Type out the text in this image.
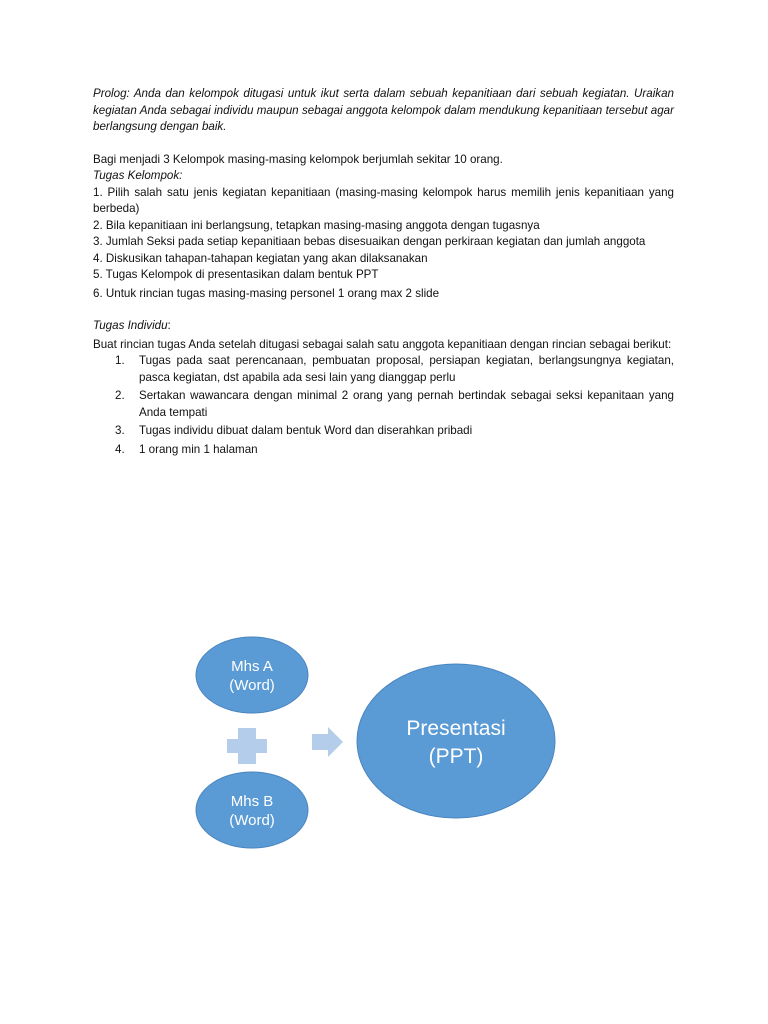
Prolog: Anda dan kelompok ditugasi untuk ikut serta dalam sebuah kepanitiaan dari sebuah kegiatan. Uraikan kegiatan Anda sebagai individu maupun sebagai anggota kelompok dalam mendukung kepanitiaan tersebut agar berlangsung dengan baik.

Bagi menjadi 3 Kelompok masing-masing kelompok berjumlah sekitar 10 orang.

Tugas Kelompok:

1. Pilih salah satu jenis kegiatan kepanitiaan (masing-masing kelompok harus memilih jenis kepanitiaan yang berbeda)

2. Bila kepanitiaan ini berlangsung, tetapkan masing-masing anggota dengan tugasnya

3. Jumlah Seksi pada setiap kepanitiaan bebas disesuaikan dengan perkiraan kegiatan dan jumlah anggota

4. Diskusikan tahapan-tahapan kegiatan yang akan dilaksanakan

5. Tugas Kelompok di presentasikan dalam bentuk PPT

6. Untuk rincian tugas masing-masing personel 1 orang max 2 slide

Tugas Individu:

Buat rincian tugas Anda setelah ditugasi sebagai salah satu anggota kepanitiaan dengan rincian sebagai berikut:

1. Tugas pada saat perencanaan, pembuatan proposal, persiapan kegiatan, berlangsungnya kegiatan, pasca kegiatan, dst apabila ada sesi lain yang dianggap perlu
2. Sertakan wawancara dengan minimal 2 orang yang pernah bertindak sebagai seksi kepanitaan yang Anda tempati
3. Tugas individu dibuat dalam bentuk Word dan diserahkan pribadi
4. 1 orang min 1 halaman
Mhs A
(Word)
Mhs B
(Word)
Presentasi
(PPT)
